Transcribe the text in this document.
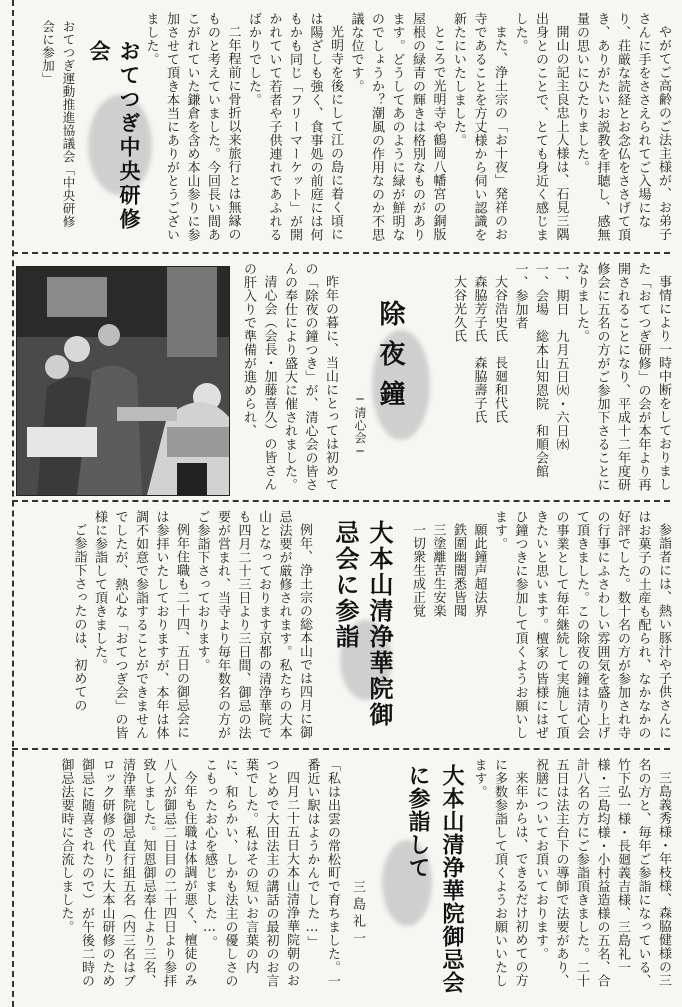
やがてご高齢のご法主様が、お弟子さんに手をささえられてご入場になり、荘厳な読経とお念仏をささげて頂き、ありがたいお説教を拝聴し、感無量の思いにひたりました。
開山の記主良忠上人様は、石見三隅出身とのことで、とても身近く感じました。
また、浄土宗の「お十夜」発祥のお寺であることを方丈様から伺い認識を新たにいたしました。
ところで光明寺や鶴岡八幡宮の銅版屋根の緑青の輝きは格別なものがあります。どうしてあのように緑が鮮明なのでしょうか？潮風の作用なのか不思議な位です。
光明寺を後にして江の島に着く頃には陽ざしも強く、食事処の前庭には何もかも同じ「フリーマーケット」が開かれていて若者や子供連れであふれるばかりでした。
二年程前に骨折以来旅行とは無縁のものと考えていました。今回長い間あこがれていた鎌倉を含め本山参りに参加させて頂き本当にありがとうございました。
おてつぎ中央研修会
おてつぎ運動推進協議会「中央研修会に参加」
事情により一時中断をしておりました「おてつぎ研修」の会が本年より再開されることになり、平成十二年度研修会に五名の方がご参加下さることになりました。
一、期日　九月五日㈫・六日㈬
一、会場　総本山知恩院　和順会館
一、参加者
大谷浩史氏　長廻和代氏
森脇芳子氏　森脇壽子氏
大谷光久氏
除夜鐘
─清心会─
昨年の暮に、当山にとっては初めての「除夜の鐘つき」が、清心会の皆さんの奉仕により盛大に催されました。
清心会（会長・加藤喜久）の皆さんの肝入りで準備が進められ、
参詣者には、熱い豚汁や子供さんにはお菓子の土産も配られ、なかなかの好評でした。数十名の方が参加され寺の行事にふさわしい雰囲気を盛り上げて頂きました。この除夜の鐘は清心会の事業として毎年継続して実施して頂きたいと思います。檀家の皆様にはぜひ鐘つきに参加して頂くようお願いします。
願此鐘声超法界
鉄圍幽闇悉皆聞
三塗離苦生安楽
一切衆生成正覚
大本山清浄華院御忌会に参詣
例年、浄土宗の総本山では四月に御忌法要が厳修されます。私たちの大本山となっております京都の清浄華院でも四月二十三日より三日間、御忌の法要が営まれ、当寺より毎年数名の方がご参詣下さっております。
例年住職も二十四、五日の御忌会には参拝いたしておりますが、本年は体調不如意で参詣することができませんでしたが、熱心な「おてつぎ会」の皆様に参詣して頂きました。
ご参詣下さったのは、初めての
三島義秀様・年枝様、森脇健様の三名の方と、毎年ご参詣になっている、竹下弘一様・長廻義吉様、三島礼一様・三島均様・小村益造様の五名、合計八名の方にご参詣頂きました。二十五日は法主台下の導師で法要があり、祝膳についてお頂いております。
来年からは、できるだけ初めての方に多数参詣して頂くようお願いいたします。
大本山清浄華院御忌会に参詣して
三島礼一
「私は出雲の常松町で育ちました。一番近い駅はようかんでした…」
四月二十五日大本山清浄華院朝のおつとめで大田法主の講話の最初のお言葉でした。私はその短いお言葉の内に、和らかい、しかも法主の優しさのこもったお心を感じました…。
今年も住職は体調が悪く、檀徒のみ八人が御忌二日目の二十四日より参拝致しました。知恩御忌奉仕より三名、清浄華院御忌直行組五名（内三名はブロック研修の代りに大本山研修のため御忌に随喜されたので）が午後二時の御忌法要時に合流しました。
